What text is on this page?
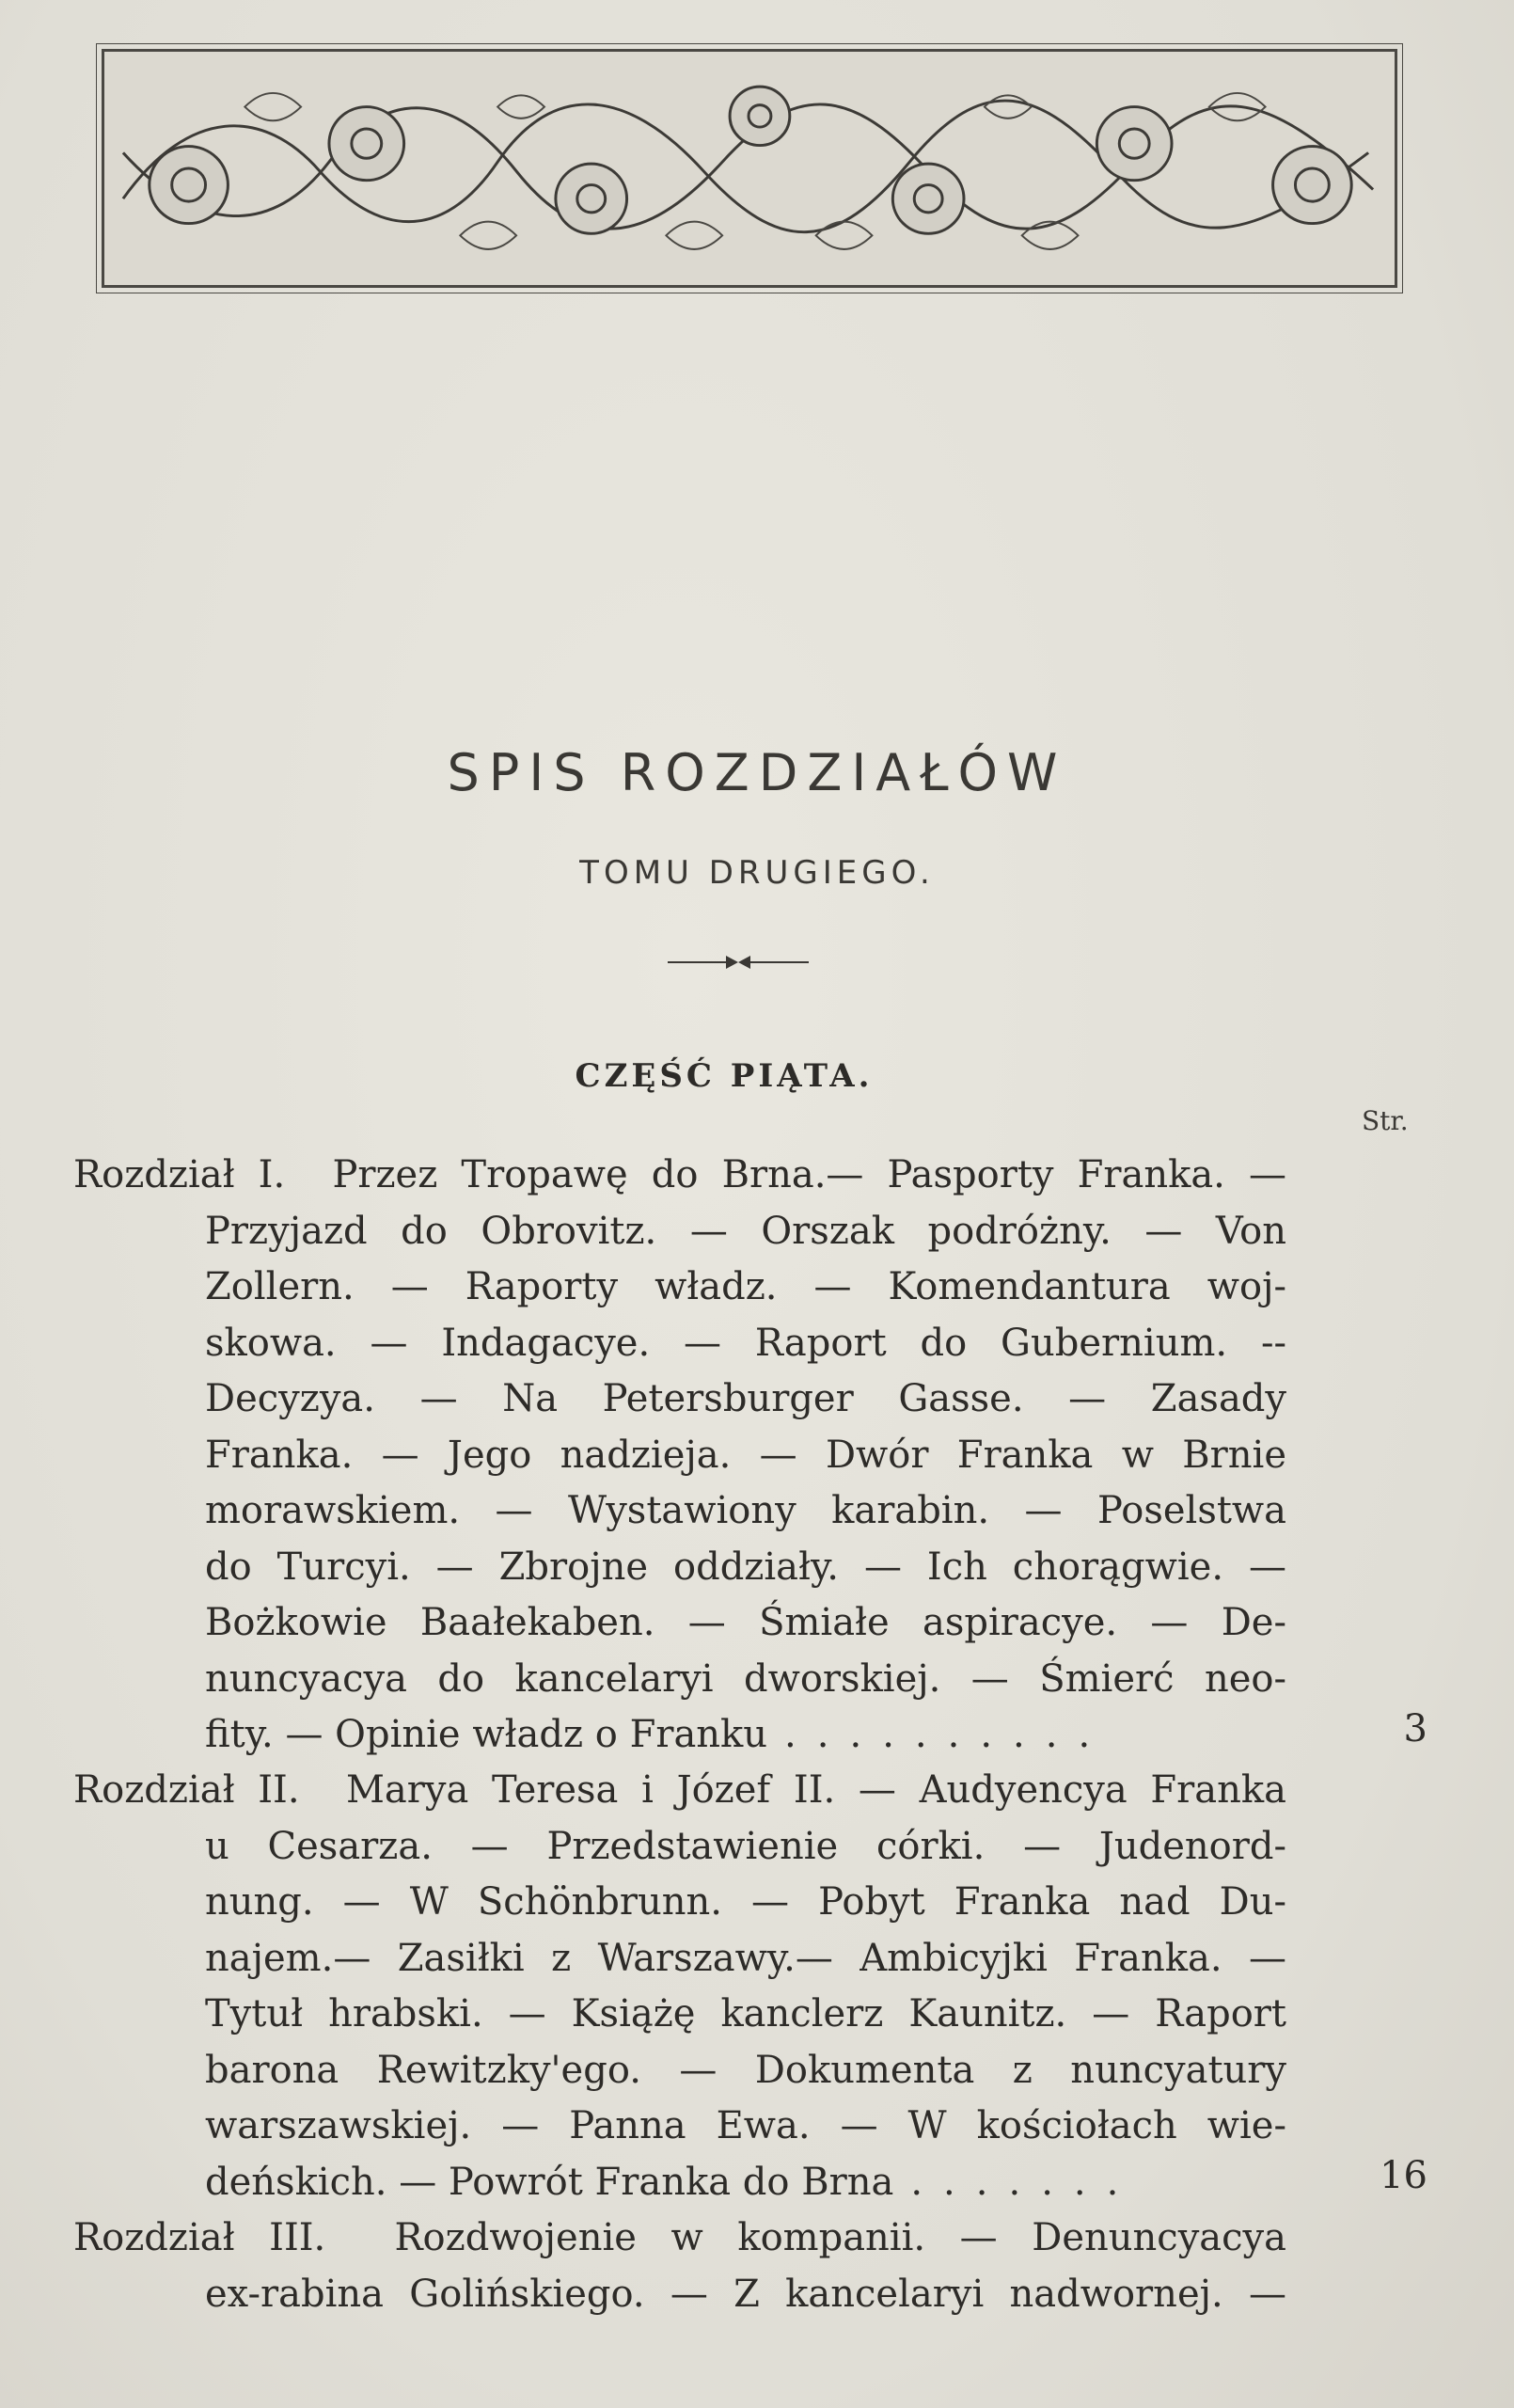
SPIS ROZDZIAŁÓW
TOMU DRUGIEGO.
CZĘŚĆ PIĄTA.
Str.
Rozdział I. Przez Tropawę do Brna.— Pasporty Franka. —
Przyjazd do Obrovitz. — Orszak podróżny. — Von
Zollern. — Raporty władz. — Komendantura woj-
skowa. — Indagacye. — Raport do Gubernium. --
Decyzya. — Na Petersburger Gasse. — Zasady
Franka. — Jego nadzieja. — Dwór Franka w Brnie
morawskiem. — Wystawiony karabin. — Poselstwa
do Turcyi. — Zbrojne oddziały. — Ich chorągwie. —
Bożkowie Baałekaben. — Śmiałe aspiracye. — De-
nuncyacya do kancelaryi dworskiej. — Śmierć neo-
fity. — Opinie władz o Franku ..........	3
Rozdział II. Marya Teresa i Józef II. — Audyencya Franka
u Cesarza. — Przedstawienie córki. — Judenord-
nung. — W Schönbrunn. — Pobyt Franka nad Du-
najem.— Zasiłki z Warszawy.— Ambicyjki Franka. —
Tytuł hrabski. — Książę kanclerz Kaunitz. — Raport
barona Rewitzky'ego. — Dokumenta z nuncyatury
warszawskiej. — Panna Ewa. — W kościołach wie-
deńskich. — Powrót Franka do Brna .......	16
Rozdział III. Rozdwojenie w kompanii. — Denuncyacya
ex-rabina Golińskiego. — Z kancelaryi nadwornej. —
